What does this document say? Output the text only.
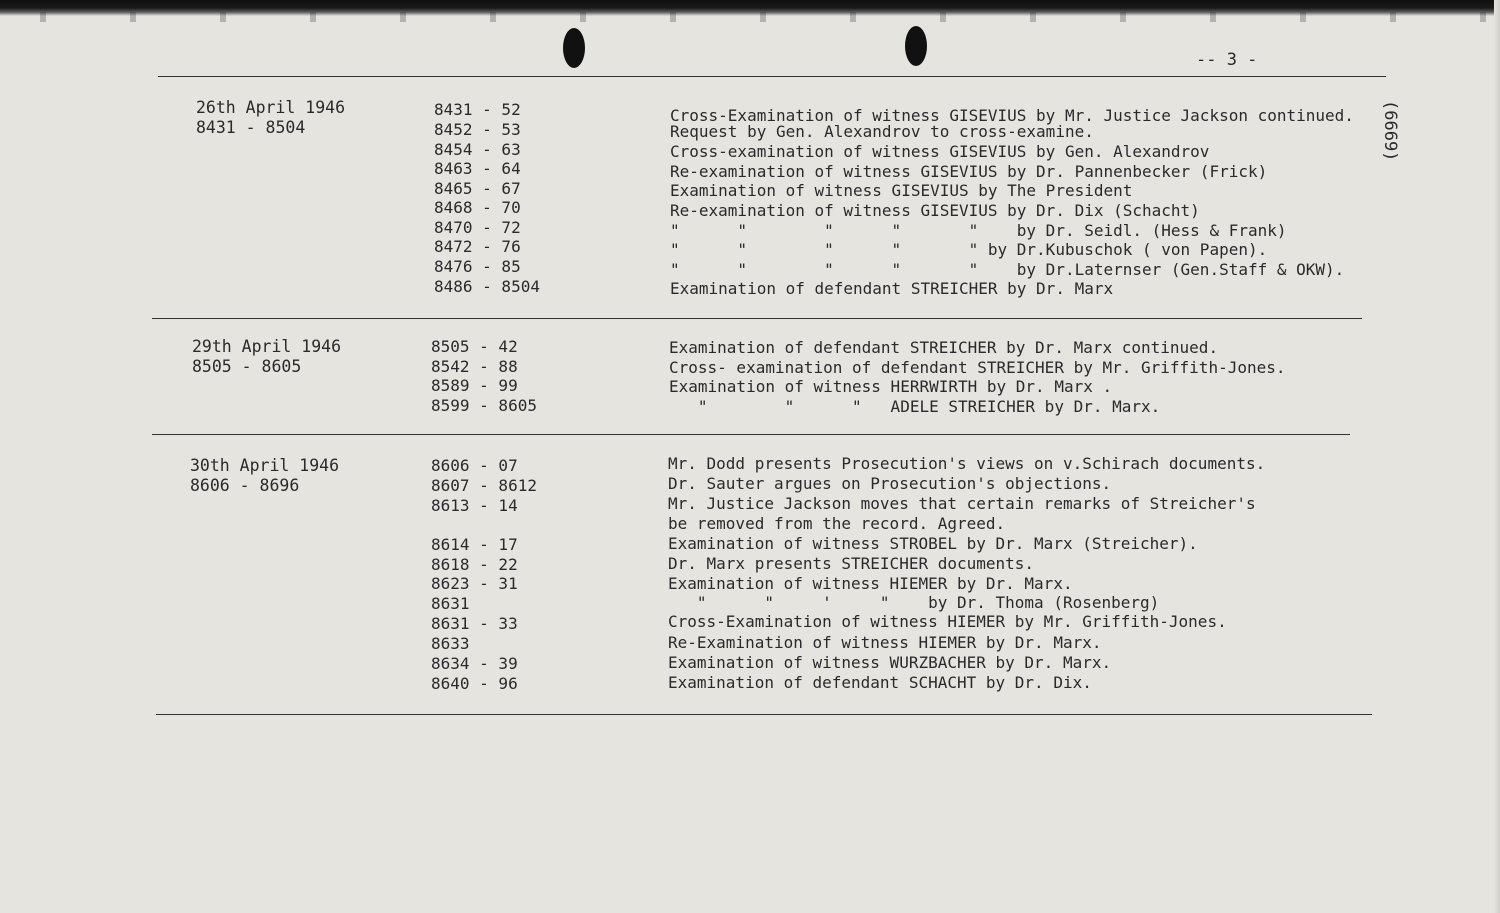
-- 3 -
(6669)
26th April 1946
8431 - 8504
8431 - 52	Cross-Examination of witness GISEVIUS by Mr. Justice Jackson continued.
8452 - 53	Request by Gen. Alexandrov to cross-examine.
8454 - 63	Cross-examination of witness GISEVIUS by Gen. Alexandrov
8463 - 64	Re-examination of witness GISEVIUS by Dr. Pannenbecker (Frick)
8465 - 67	Examination of witness GISEVIUS by The President
8468 - 70	Re-examination of witness GISEVIUS by Dr. Dix (Schacht)
8470 - 72	"      "        "      "       "    by Dr. Seidl. (Hess & Frank)
8472 - 76	"      "        "      "       " by Dr.Kubuschok ( von Papen).
8476 - 85	"      "        "      "       "    by Dr.Laternser (Gen.Staff & OKW).
8486 - 8504	Examination of defendant STREICHER by Dr. Marx
29th April 1946
8505 - 8605
8505 - 42	Examination of defendant STREICHER by Dr. Marx continued.
8542 - 88	Cross- examination of defendant STREICHER by Mr. Griffith-Jones.
8589 - 99	Examination of witness HERRWIRTH by Dr. Marx .
8599 - 8605	"        "      "   ADELE STREICHER by Dr. Marx.
30th April 1946
8606 - 8696
8606 - 07	Mr. Dodd presents Prosecution's views on v.Schirach documents.
8607 - 8612	Dr. Sauter argues on Prosecution's objections.
8613 - 14	Mr. Justice Jackson moves that certain remarks of Streicher's
be removed from the record. Agreed.
8614 - 17	Examination of witness STROBEL by Dr. Marx (Streicher).
8618 - 22	Dr. Marx presents STREICHER documents.
8623 - 31	Examination of witness HIEMER by Dr. Marx.
8631	"      "     '     "    by Dr. Thoma (Rosenberg)
8631 - 33	Cross-Examination of witness HIEMER by Mr. Griffith-Jones.
8633	Re-Examination of witness HIEMER by Dr. Marx.
8634 - 39	Examination of witness WURZBACHER by Dr. Marx.
8640 - 96	Examination of defendant SCHACHT by Dr. Dix.
